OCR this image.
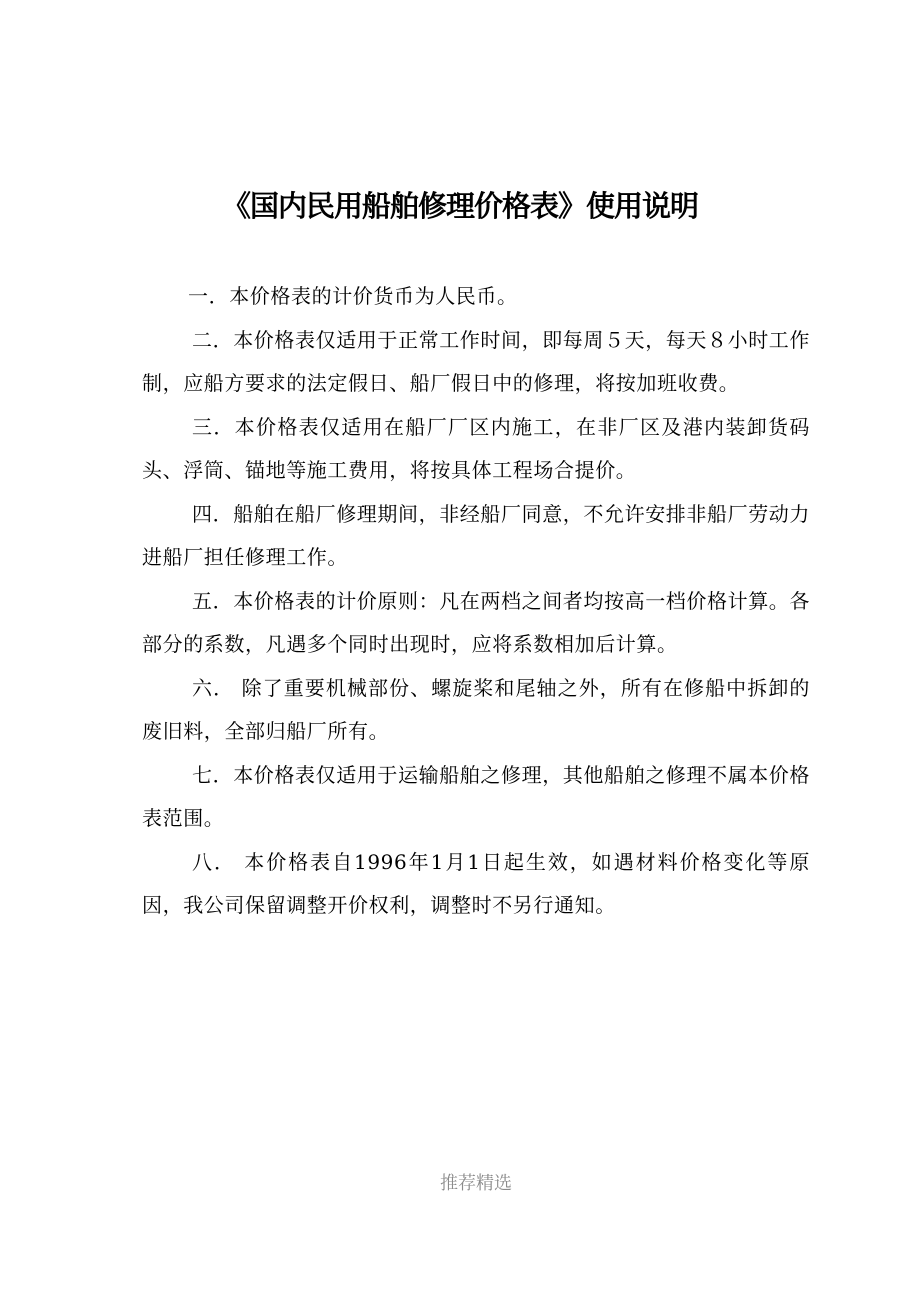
《国内民用船舶修理价格表》使用说明

一．本价格表的计价货币为人民币。

二．本价格表仅适用于正常工作时间，即每周５天，每天８小时工作制，应船方要求的法定假日、船厂假日中的修理，将按加班收费。

三．本价格表仅适用在船厂厂区内施工，在非厂区及港内装卸货码头、浮筒、锚地等施工费用，将按具体工程场合提价。

四．船舶在船厂修理期间，非经船厂同意，不允许安排非船厂劳动力进船厂担任修理工作。

五．本价格表的计价原则：凡在两档之间者均按高一档价格计算。各部分的系数，凡遇多个同时出现时，应将系数相加后计算。

六． 除了重要机械部份、螺旋桨和尾轴之外，所有在修船中拆卸的废旧料，全部归船厂所有。

七．本价格表仅适用于运输船舶之修理，其他船舶之修理不属本价格表范围。

八． 本价格表自1996年1月1日起生效，如遇材料价格变化等原因，我公司保留调整开价权利，调整时不另行通知。

推荐精选
